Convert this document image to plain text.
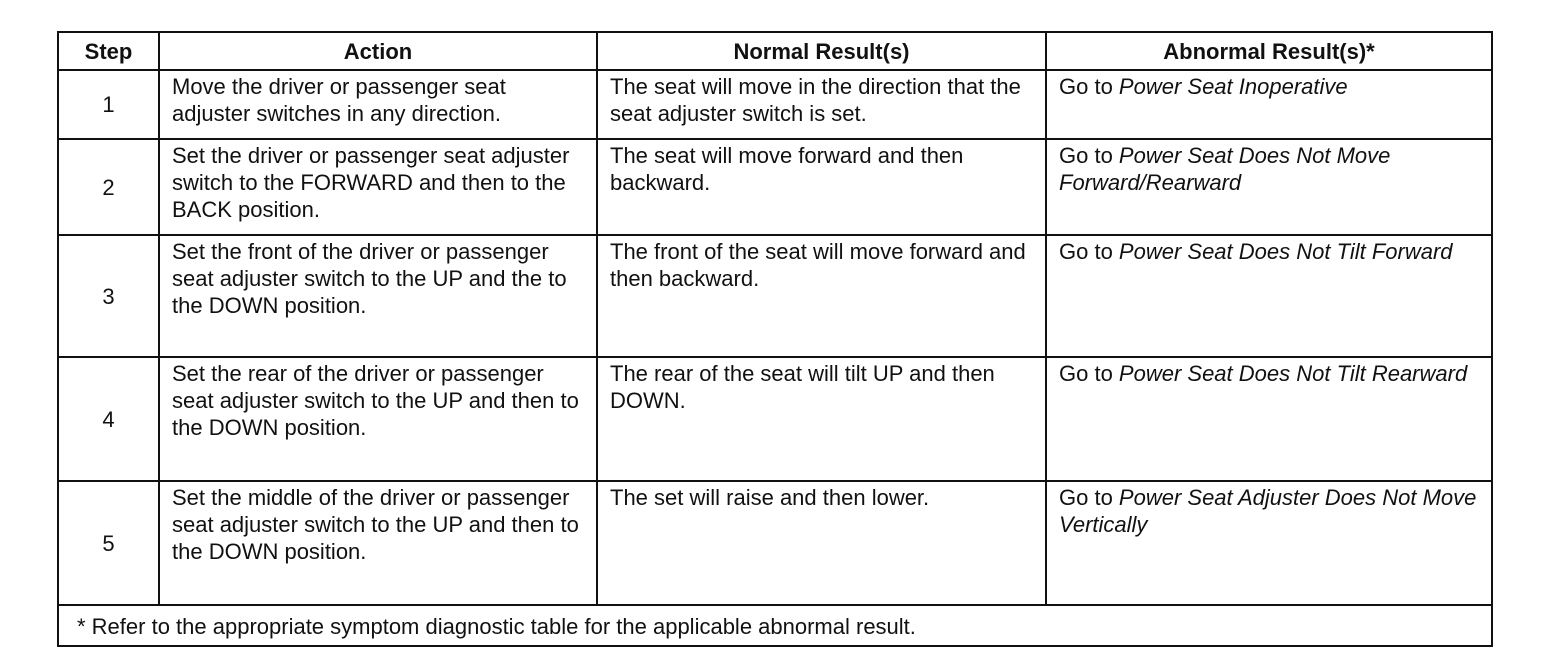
Step	Action	Normal Result(s)	Abnormal Result(s)*
1	Move the driver or passenger seat adjuster switches in any direction.	The seat will move in the direction that the seat adjuster switch is set.	Go to Power Seat Inoperative
2	Set the driver or passenger seat adjuster switch to the FORWARD and then to the BACK position.	The seat will move forward and then backward.	Go to Power Seat Does Not Move Forward/Rearward
3	Set the front of the driver or passenger seat adjuster switch to the UP and the to the DOWN position.	The front of the seat will move forward and then backward.	Go to Power Seat Does Not Tilt Forward
4	Set the rear of the driver or passenger seat adjuster switch to the UP and then to the DOWN position.	The rear of the seat will tilt UP and then DOWN.	Go to Power Seat Does Not Tilt Rearward
5	Set the middle of the driver or passenger seat adjuster switch to the UP and then to the DOWN position.	The set will raise and then lower.	Go to Power Seat Adjuster Does Not Move Vertically
* Refer to the appropriate symptom diagnostic table for the applicable abnormal result.			
